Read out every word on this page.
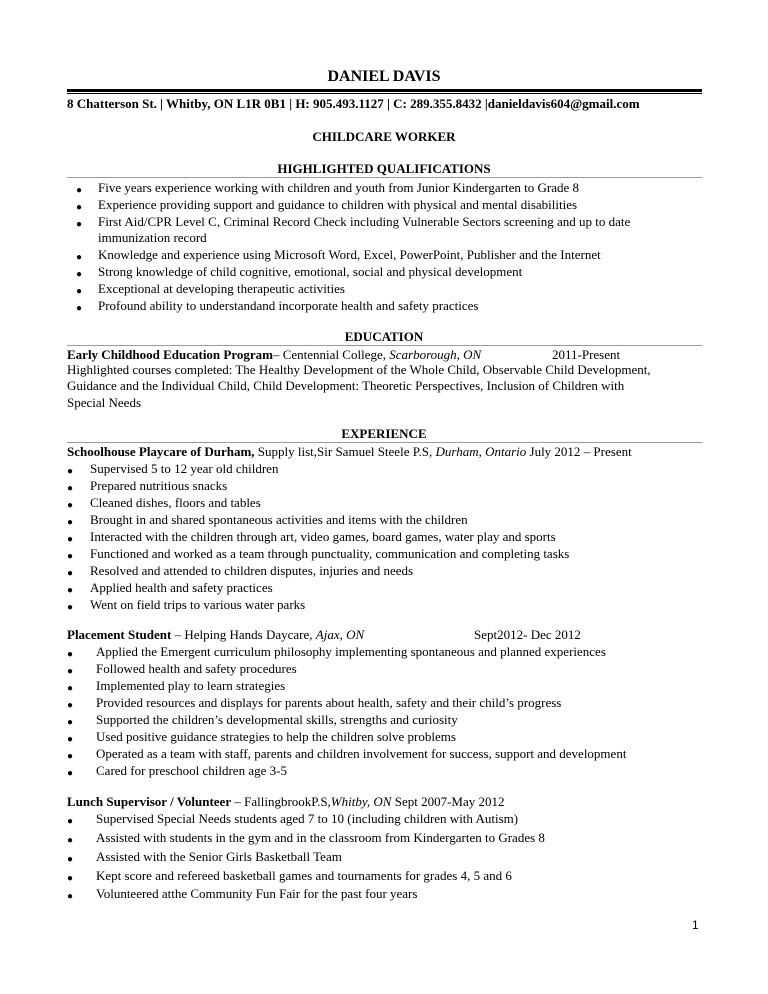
DANIEL DAVIS
8 Chatterson St. | Whitby, ON L1R 0B1 | H: 905.493.1127 | C: 289.355.8432 |danieldavis604@gmail.com
CHILDCARE WORKER
HIGHLIGHTED QUALIFICATIONS
● Five years experience working with children and youth from Junior Kindergarten to Grade 8
● Experience providing support and guidance to children with physical and mental disabilities
● First Aid/CPR Level C, Criminal Record Check including Vulnerable Sectors screening and up to date
immunization record
● Knowledge and experience using Microsoft Word, Excel, PowerPoint, Publisher and the Internet
● Strong knowledge of child cognitive, emotional, social and physical development
● Exceptional at developing therapeutic activities
● Profound ability to understandand incorporate health and safety practices
EDUCATION
Early Childhood Education Program– Centennial College, Scarborough, ON	2011-Present
Highlighted courses completed: The Healthy Development of the Whole Child, Observable Child Development,
Guidance and the Individual Child, Child Development: Theoretic Perspectives, Inclusion of Children with
Special Needs
EXPERIENCE
Schoolhouse Playcare of Durham, Supply list,Sir Samuel Steele P.S, Durham, Ontario July 2012 – Present
● Supervised 5 to 12 year old children
● Prepared nutritious snacks
● Cleaned dishes, floors and tables
● Brought in and shared spontaneous activities and items with the children
● Interacted with the children through art, video games, board games, water play and sports
● Functioned and worked as a team through punctuality, communication and completing tasks
● Resolved and attended to children disputes, injuries and needs
● Applied health and safety practices
● Went on field trips to various water parks
Placement Student – Helping Hands Daycare, Ajax, ON	Sept2012- Dec 2012
● Applied the Emergent curriculum philosophy implementing spontaneous and planned experiences
● Followed health and safety procedures
● Implemented play to learn strategies
● Provided resources and displays for parents about health, safety and their child’s progress
● Supported the children’s developmental skills, strengths and curiosity
● Used positive guidance strategies to help the children solve problems
● Operated as a team with staff, parents and children involvement for success, support and development
● Cared for preschool children age 3-5
Lunch Supervisor / Volunteer – FallingbrookP.S,Whitby, ON Sept 2007-May 2012
● Supervised Special Needs students aged 7 to 10 (including children with Autism)
● Assisted with students in the gym and in the classroom from Kindergarten to Grades 8
● Assisted with the Senior Girls Basketball Team
● Kept score and refereed basketball games and tournaments for grades 4, 5 and 6
● Volunteered atthe Community Fun Fair for the past four years
1
